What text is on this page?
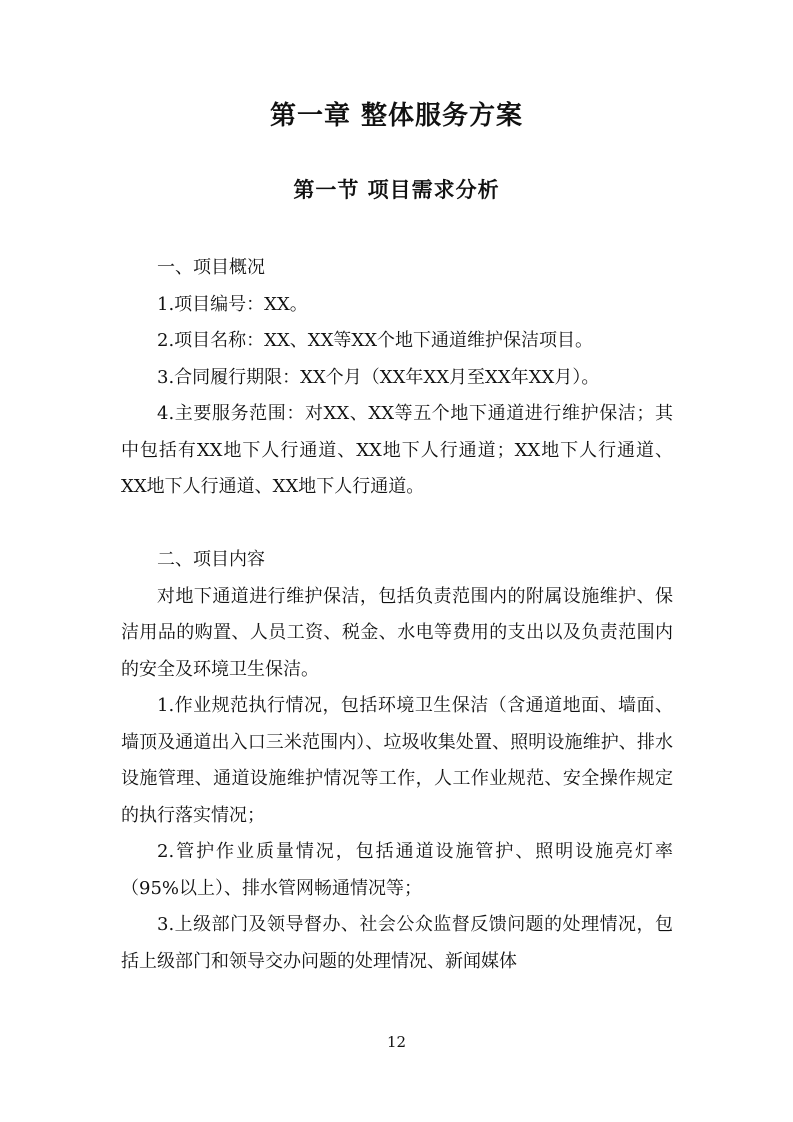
第一章 整体服务方案
第一节 项目需求分析

一、项目概况

1.项目编号：XX。

2.项目名称：XX、XX等XX个地下通道维护保洁项目。

3.合同履行期限：XX个月（XX年XX月至XX年XX月）。

4.主要服务范围：对XX、XX等五个地下通道进行维护保洁；其中包括有XX地下人行通道、XX地下人行通道；XX地下人行通道、XX地下人行通道、XX地下人行通道。

二、项目内容

对地下通道进行维护保洁，包括负责范围内的附属设施维护、保洁用品的购置、人员工资、税金、水电等费用的支出以及负责范围内的安全及环境卫生保洁。

1.作业规范执行情况，包括环境卫生保洁（含通道地面、墙面、墙顶及通道出入口三米范围内）、垃圾收集处置、照明设施维护、排水设施管理、通道设施维护情况等工作，人工作业规范、安全操作规定的执行落实情况；

2.管护作业质量情况，包括通道设施管护、照明设施亮灯率（95%以上）、排水管网畅通情况等；

3.上级部门及领导督办、社会公众监督反馈问题的处理情况，包括上级部门和领导交办问题的处理情况、新闻媒体

12
